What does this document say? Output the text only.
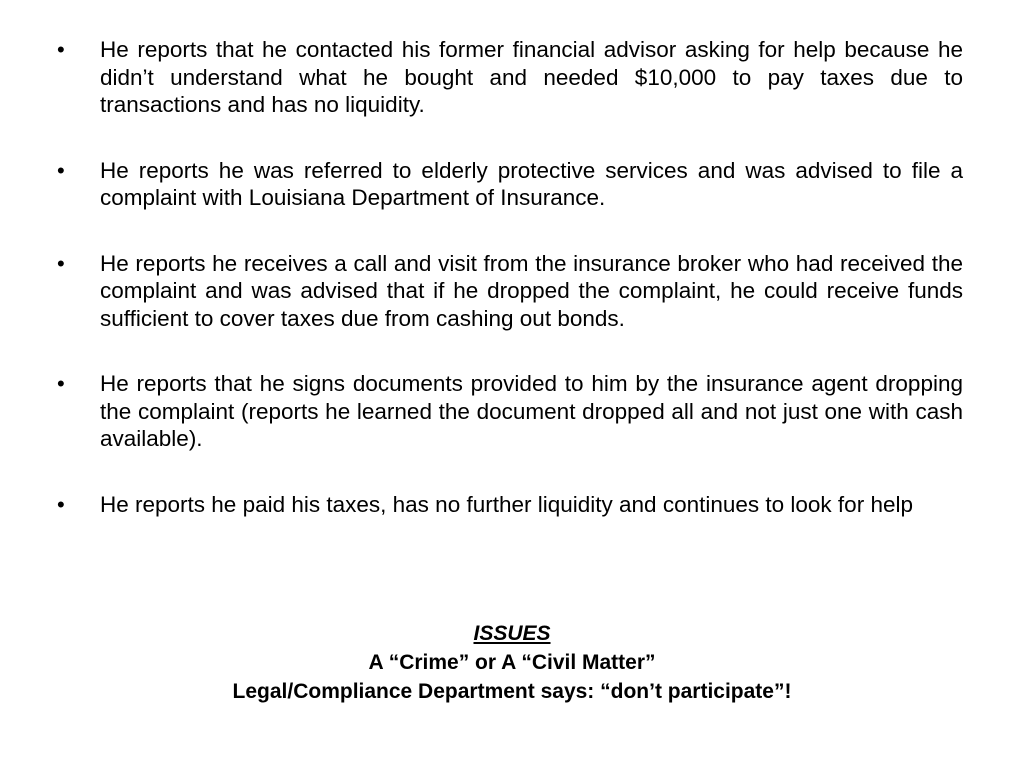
•	He reports that he contacted his former financial advisor asking for help because he didn’t understand what he bought and needed $10,000 to pay taxes due to transactions and has no liquidity.
•	He reports he was referred to elderly protective services and was advised to file a complaint with Louisiana Department of Insurance.
•	He reports he receives a call and visit from the insurance broker who had received the complaint and was advised that if he dropped the complaint, he could receive funds sufficient to cover taxes due from cashing out bonds.
•	He reports that he signs documents provided to him by the insurance agent dropping the complaint (reports he learned the document dropped all and not just one with cash available).
•	He reports he paid his taxes, has no further liquidity and continues to look for help
ISSUES
A “Crime” or A “Civil Matter”
Legal/Compliance Department says: “don’t participate”!
